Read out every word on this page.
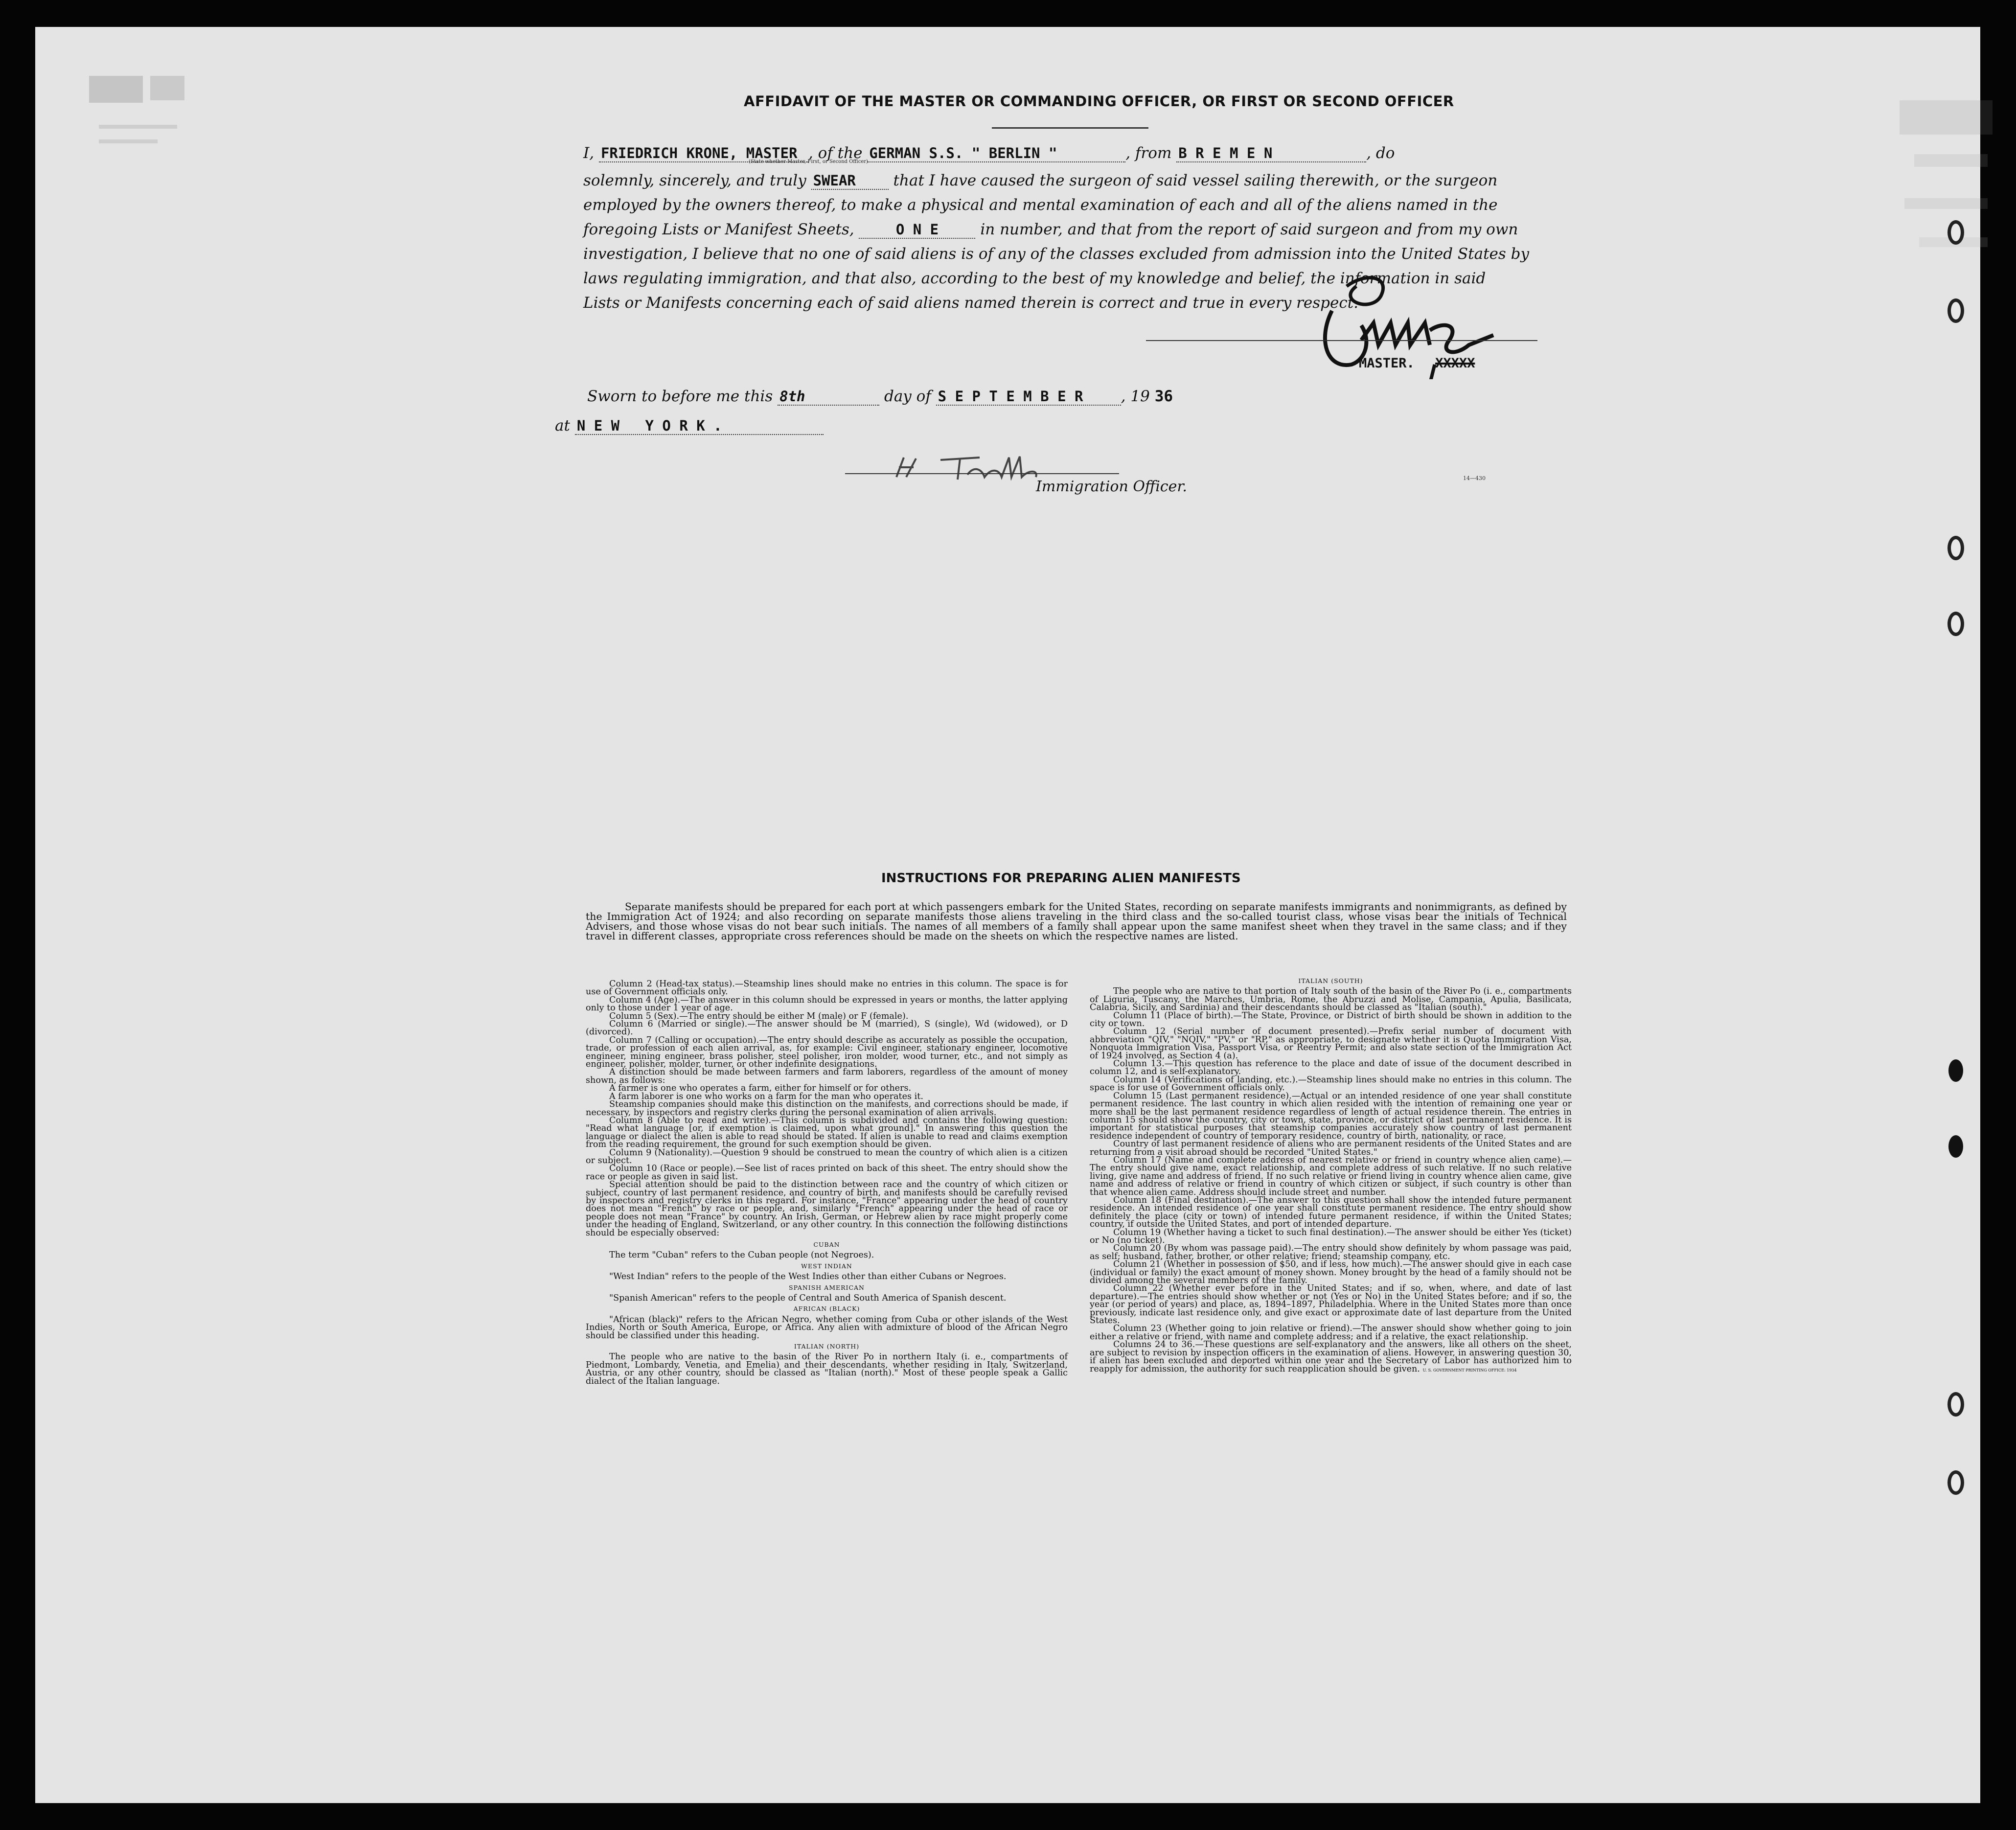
AFFIDAVIT OF THE MASTER OR COMMANDING OFFICER, OR FIRST OR SECOND OFFICER
I, FRIEDRICH KRONE, MASTER , of the GERMAN S.S. " BERLIN "	, from B R E M E N	, do
(State whether Master, First, or Second Officer)
solemnly, sincerely, and truly SWEAR that I have caused the surgeon of said vessel sailing therewith, or the surgeon
employed by the owners thereof, to make a physical and mental examination of each and all of the aliens named in the
foregoing Lists or Manifest Sheets,	O N E	in number, and that from the report of said surgeon and from my own
investigation, I believe that no one of said aliens is of any of the classes excluded from admission into the United States by
laws regulating immigration, and that also, according to the best of my knowledge and belief, the information in said
Lists or Manifests concerning each of said aliens named therein is correct and true in every respect.
MASTER. XXXXX
Sworn to before me this 8th	day of S E P T E M B E R , 19 36
at N E W   Y O R K .
Immigration Officer.	14—430
INSTRUCTIONS FOR PREPARING ALIEN MANIFESTS
Separate manifests should be prepared for each port at which passengers embark for the United States, recording on separate manifests immigrants and nonimmigrants, as defined by the Immigration Act of 1924; and also recording on separate manifests those aliens traveling in the third class and the so-called tourist class, whose visas bear the initials of Technical Advisers, and those whose visas do not bear such initials. The names of all members of a family shall appear upon the same manifest sheet when they travel in the same class; and if they travel in different classes, appropriate cross references should be made on the sheets on which the respective names are listed.

Column 2 (Head-tax status).—Steamship lines should make no entries in this column. The space is for use of Government officials only.

Column 4 (Age).—The answer in this column should be expressed in years or months, the latter applying only to those under 1 year of age.

Column 5 (Sex).—The entry should be either M (male) or F (female).

Column 6 (Married or single).—The answer should be M (married), S (single), Wd (widowed), or D (divorced).

Column 7 (Calling or occupation).—The entry should describe as accurately as possible the occupation, trade, or profession of each alien arrival, as, for example: Civil engineer, stationary engineer, locomotive engineer, mining engineer, brass polisher, steel polisher, iron molder, wood turner, etc., and not simply as engineer, polisher, molder, turner, or other indefinite designations.

A distinction should be made between farmers and farm laborers, regardless of the amount of money shown, as follows:

A farmer is one who operates a farm, either for himself or for others.

A farm laborer is one who works on a farm for the man who operates it.

Steamship companies should make this distinction on the manifests, and corrections should be made, if necessary, by inspectors and registry clerks during the personal examination of alien arrivals.

Column 8 (Able to read and write).—This column is subdivided and contains the following question: "Read what language [or, if exemption is claimed, upon what ground]." In answering this question the language or dialect the alien is able to read should be stated. If alien is unable to read and claims exemption from the reading requirement, the ground for such exemption should be given.

Column 9 (Nationality).—Question 9 should be construed to mean the country of which alien is a citizen or subject.

Column 10 (Race or people).—See list of races printed on back of this sheet. The entry should show the race or people as given in said list.

Special attention should be paid to the distinction between race and the country of which citizen or subject, country of last permanent residence, and country of birth, and manifests should be carefully revised by inspectors and registry clerks in this regard. For instance, "France" appearing under the head of country does not mean "French" by race or people, and, similarly "French" appearing under the head of race or people does not mean "France" by country. An Irish, German, or Hebrew alien by race might properly come under the heading of England, Switzerland, or any other country. In this connection the following distinctions should be especially observed:

CUBAN

The term "Cuban" refers to the Cuban people (not Negroes).

WEST INDIAN

"West Indian" refers to the people of the West Indies other than either Cubans or Negroes.

SPANISH AMERICAN

"Spanish American" refers to the people of Central and South America of Spanish descent.

AFRICAN (BLACK)

"African (black)" refers to the African Negro, whether coming from Cuba or other islands of the West Indies, North or South America, Europe, or Africa. Any alien with admixture of blood of the African Negro should be classified under this heading.

ITALIAN (NORTH)

The people who are native to the basin of the River Po in northern Italy (i. e., compartments of Piedmont, Lombardy, Venetia, and Emelia) and their descendants, whether residing in Italy, Switzerland, Austria, or any other country, should be classed as "Italian (north)." Most of these people speak a Gallic dialect of the Italian language.

ITALIAN (SOUTH)

The people who are native to that portion of Italy south of the basin of the River Po (i. e., compartments of Liguria, Tuscany, the Marches, Umbria, Rome, the Abruzzi and Molise, Campania, Apulia, Basilicata, Calabria, Sicily, and Sardinia) and their descendants should be classed as "Italian (south)."

Column 11 (Place of birth).—The State, Province, or District of birth should be shown in addition to the city or town.

Column 12 (Serial number of document presented).—Prefix serial number of document with abbreviation "QIV," "NQIV," "PV," or "RP," as appropriate, to designate whether it is Quota Immigration Visa, Nonquota Immigration Visa, Passport Visa, or Reentry Permit; and also state section of the Immigration Act of 1924 involved, as Section 4 (a).

Column 13.—This question has reference to the place and date of issue of the document described in column 12, and is self-explanatory.

Column 14 (Verifications of landing, etc.).—Steamship lines should make no entries in this column. The space is for use of Government officials only.

Column 15 (Last permanent residence).—Actual or an intended residence of one year shall constitute permanent residence. The last country in which alien resided with the intention of remaining one year or more shall be the last permanent residence regardless of length of actual residence therein. The entries in column 15 should show the country, city or town, state, province, or district of last permanent residence. It is important for statistical purposes that steamship companies accurately show country of last permanent residence independent of country of temporary residence, country of birth, nationality, or race.

Country of last permanent residence of aliens who are permanent residents of the United States and are returning from a visit abroad should be recorded "United States."

Column 17 (Name and complete address of nearest relative or friend in country whence alien came).—The entry should give name, exact relationship, and complete address of such relative. If no such relative living, give name and address of friend. If no such relative or friend living in country whence alien came, give name and address of relative or friend in country of which citizen or subject, if such country is other than that whence alien came. Address should include street and number.

Column 18 (Final destination).—The answer to this question shall show the intended future permanent residence. An intended residence of one year shall constitute permanent residence. The entry should show definitely the place (city or town) of intended future permanent residence, if within the United States; country, if outside the United States, and port of intended departure.

Column 19 (Whether having a ticket to such final destination).—The answer should be either Yes (ticket) or No (no ticket).

Column 20 (By whom was passage paid).—The entry should show definitely by whom passage was paid, as self; husband, father, brother, or other relative; friend; steamship company, etc.

Column 21 (Whether in possession of $50, and if less, how much).—The answer should give in each case (individual or family) the exact amount of money shown. Money brought by the head of a family should not be divided among the several members of the family.

Column 22 (Whether ever before in the United States; and if so, when, where, and date of last departure).—The entries should show whether or not (Yes or No) in the United States before; and if so, the year (or period of years) and place, as, 1894–1897, Philadelphia. Where in the United States more than once previously, indicate last residence only, and give exact or approximate date of last departure from the United States.

Column 23 (Whether going to join relative or friend).—The answer should show whether going to join either a relative or friend, with name and complete address; and if a relative, the exact relationship.

Columns 24 to 36.—These questions are self-explanatory and the answers, like all others on the sheet, are subject to revision by inspection officers in the examination of aliens. However, in answering question 30, if alien has been excluded and deported within one year and the Secretary of Labor has authorized him to reapply for admission, the authority for such reapplication should be given. U. S. GOVERNMENT PRINTING OFFICE: 1934
